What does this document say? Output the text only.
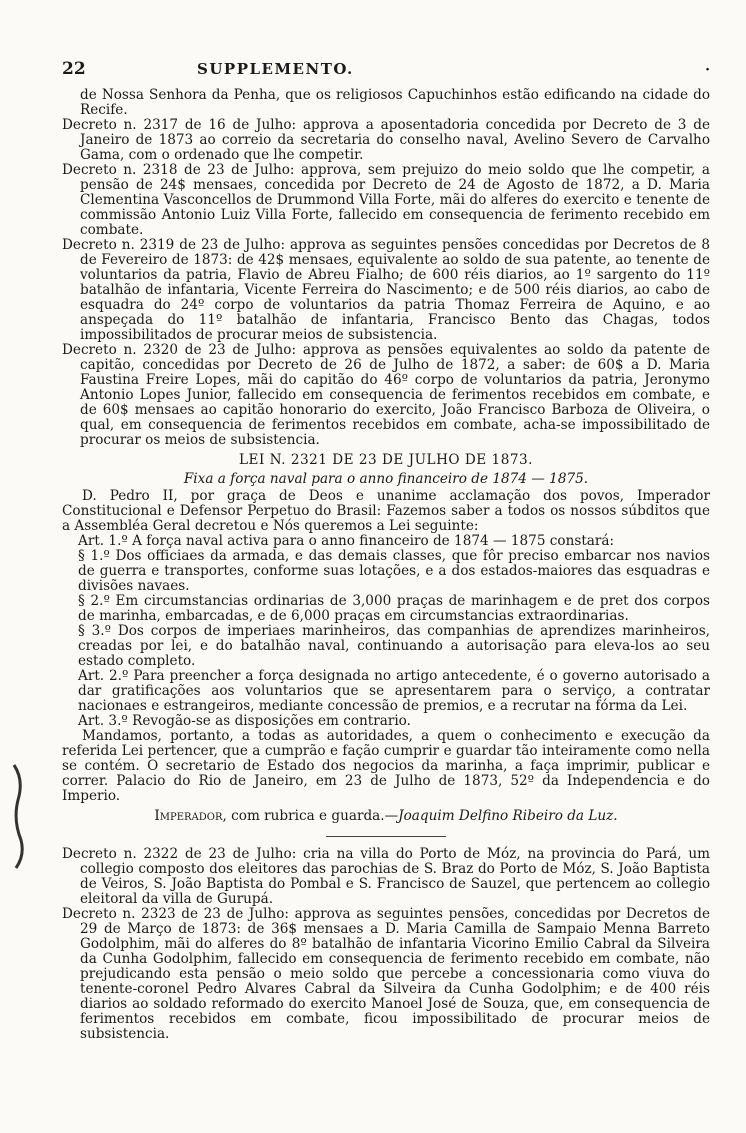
22	SUPPLEMENTO.	·

de Nossa Senhora da Penha, que os religiosos Capuchinhos estão edificando na cidade do Recife.

Decreto n. 2317 de 16 de Julho: approva a aposentadoria concedida por Decreto de 3 de Janeiro de 1873 ao correio da secretaria do conselho naval, Avelino Severo de Carvalho Gama, com o ordenado que lhe competir.

Decreto n. 2318 de 23 de Julho: approva, sem prejuizo do meio soldo que lhe competir, a pensão de 24$ mensaes, concedida por Decreto de 24 de Agosto de 1872, a D. Maria Clementina Vasconcellos de Drummond Villa Forte, mãi do alferes do exercito e tenente de commissão Antonio Luiz Villa Forte, fallecido em consequencia de ferimento recebido em combate.

Decreto n. 2319 de 23 de Julho: approva as seguintes pensões concedidas por Decretos de 8 de Fevereiro de 1873: de 42$ mensaes, equivalente ao soldo de sua patente, ao tenente de voluntarios da patria, Flavio de Abreu Fialho; de 600 réis diarios, ao 1º sargento do 11º batalhão de infantaria, Vicente Ferreira do Nascimento; e de 500 réis diarios, ao cabo de esquadra do 24º corpo de voluntarios da patria Thomaz Ferreira de Aquino, e ao anspeçada do 11º batalhão de infantaria, Francisco Bento das Chagas, todos impossibilitados de procurar meios de subsistencia.

Decreto n. 2320 de 23 de Julho: approva as pensões equivalentes ao soldo da patente de capitão, concedidas por Decreto de 26 de Julho de 1872, a saber: de 60$ a D. Maria Faustina Freire Lopes, mãi do capitão do 46º corpo de voluntarios da patria, Jeronymo Antonio Lopes Junior, fallecido em consequencia de ferimentos recebidos em combate, e de 60$ mensaes ao capitão honorario do exercito, João Francisco Barboza de Oliveira, o qual, em consequencia de ferimentos recebidos em combate, acha-se impossibilitado de procurar os meios de subsistencia.

LEI N. 2321 DE 23 DE JULHO DE 1873.
Fixa a força naval para o anno financeiro de 1874 — 1875.

D. Pedro II, por graça de Deos e unanime acclamação dos povos, Imperador Constitucional e Defensor Perpetuo do Brasil: Fazemos saber a todos os nossos súbditos que a Assembléa Geral decretou e Nós queremos a Lei seguinte:

Art. 1.º A força naval activa para o anno financeiro de 1874 — 1875 constará:

§ 1.º Dos officiaes da armada, e das demais classes, que fôr preciso embarcar nos navios de guerra e transportes, conforme suas lotações, e a dos estados-maiores das esquadras e divisões navaes.

§ 2.º Em circumstancias ordinarias de 3,000 praças de marinhagem e de pret dos corpos de marinha, embarcadas, e de 6,000 praças em circumstancias extraordinarias.

§ 3.º Dos corpos de imperiaes marinheiros, das companhias de aprendizes marinheiros, creadas por lei, e do batalhão naval, continuando a autorisação para eleva-los ao seu estado completo.

Art. 2.º Para preencher a força designada no artigo antecedente, é o governo autorisado a dar gratificações aos voluntarios que se apresentarem para o serviço, a contratar nacionaes e estrangeiros, mediante concessão de premios, e a recrutar na fórma da Lei.

Art. 3.º Revogão-se as disposições em contrario.

Mandamos, portanto, a todas as autoridades, a quem o conhecimento e execução da referida Lei pertencer, que a cumprão e fação cumprir e guardar tão inteiramente como nella se contém. O secretario de Estado dos negocios da marinha, a faça imprimir, publicar e correr. Palacio do Rio de Janeiro, em 23 de Julho de 1873, 52º da Independencia e do Imperio.

Imperador, com rubrica e guarda.—Joaquim Delfino Ribeiro da Luz.

Decreto n. 2322 de 23 de Julho: cria na villa do Porto de Móz, na provincia do Pará, um collegio composto dos eleitores das parochias de S. Braz do Porto de Móz, S. João Baptista de Veiros, S. João Baptista do Pombal e S. Francisco de Sauzel, que pertencem ao collegio eleitoral da villa de Gurupá.

Decreto n. 2323 de 23 de Julho: approva as seguintes pensões, concedidas por Decretos de 29 de Março de 1873: de 36$ mensaes a D. Maria Camilla de Sampaio Menna Barreto Godolphim, mãi do alferes do 8º batalhão de infantaria Vicorino Emilio Cabral da Silveira da Cunha Godolphim, fallecido em consequencia de ferimento recebido em combate, não prejudicando esta pensão o meio soldo que percebe a concessionaria como viuva do tenente-coronel Pedro Alvares Cabral da Silveira da Cunha Godolphim; e de 400 réis diarios ao soldado reformado do exercito Manoel José de Souza, que, em consequencia de ferimentos recebidos em combate, ficou impossibilitado de procurar meios de subsistencia.
